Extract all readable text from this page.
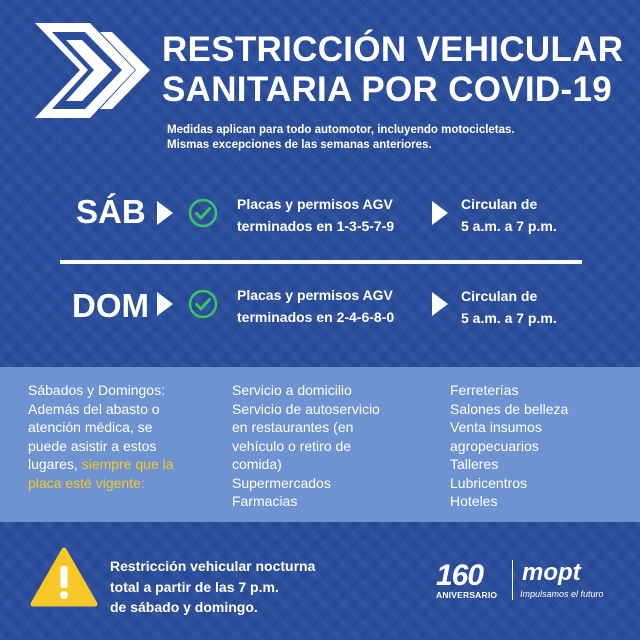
RESTRICCIÓN VEHICULAR
SANITARIA POR COVID-19
Medidas aplican para todo automotor, incluyendo motocicletas.
Mismas excepciones de las semanas anteriores.
SÁB	Placas y permisos AGV
terminados en 1-3-5-7-9
Circulan de
5 a.m. a 7 p.m.
DOM	Placas y permisos AGV
terminados en 2-4-6-8-0
Circulan de
5 a.m. a 7 p.m.
Sábados y Domingos:
Además del abasto o
atención médica, se
puede asistir a estos
lugares, siempre que la
placa esté vigente:
Servicio a domicilio
Servicio de autoservicio
en restaurantes (en
vehículo o retiro de
comida)
Supermercados
Farmacias
Ferreterías
Salones de belleza
Venta insumos
agropecuarios
Talleres
Lubricentros
Hoteles
Restricción vehicular nocturna
total a partir de las 7 p.m.
de sábado y domingo.
160
ANIVERSARIO
mopt
Impulsamos el futuro
